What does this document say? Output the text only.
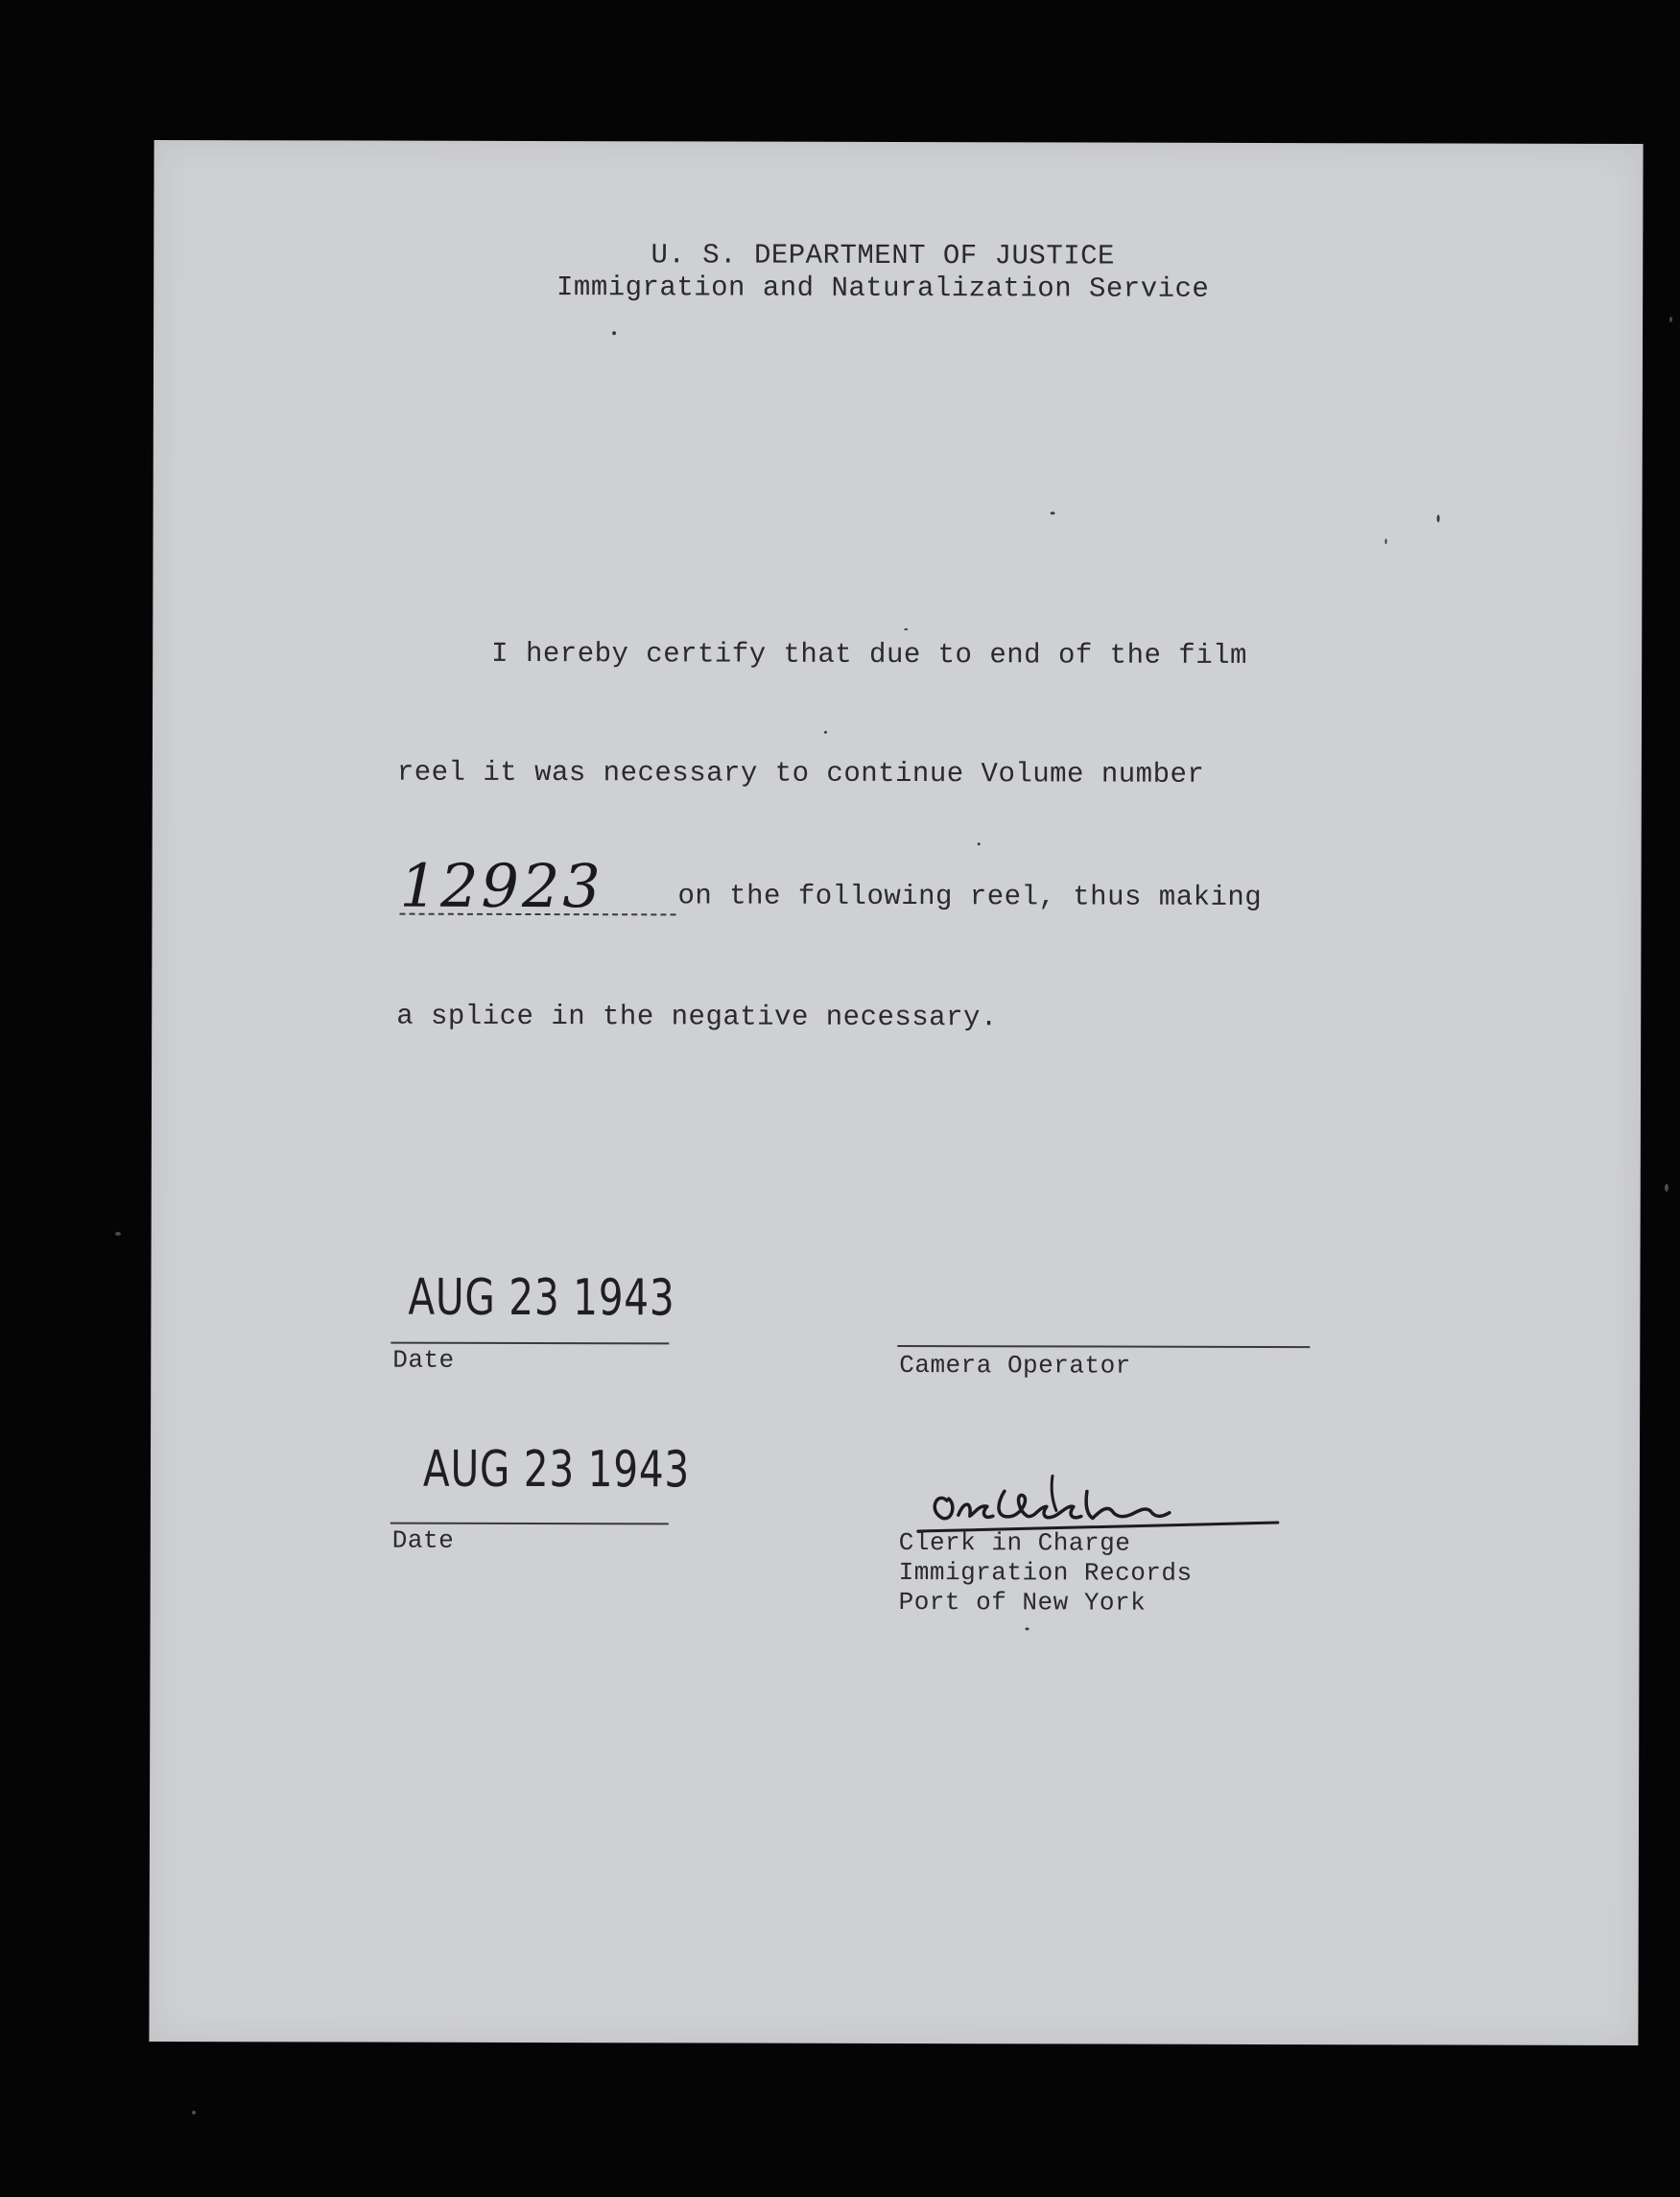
U. S. DEPARTMENT OF JUSTICE
Immigration and Naturalization Service
I hereby certify that due to end of the film
reel it was necessary to continue Volume number
12923	on the following reel, thus making
a splice in the negative necessary.
AUG 23 1943
Date	Camera Operator
AUG 23 1943
Date	Clerk in Charge
Immigration Records
Port of New York
